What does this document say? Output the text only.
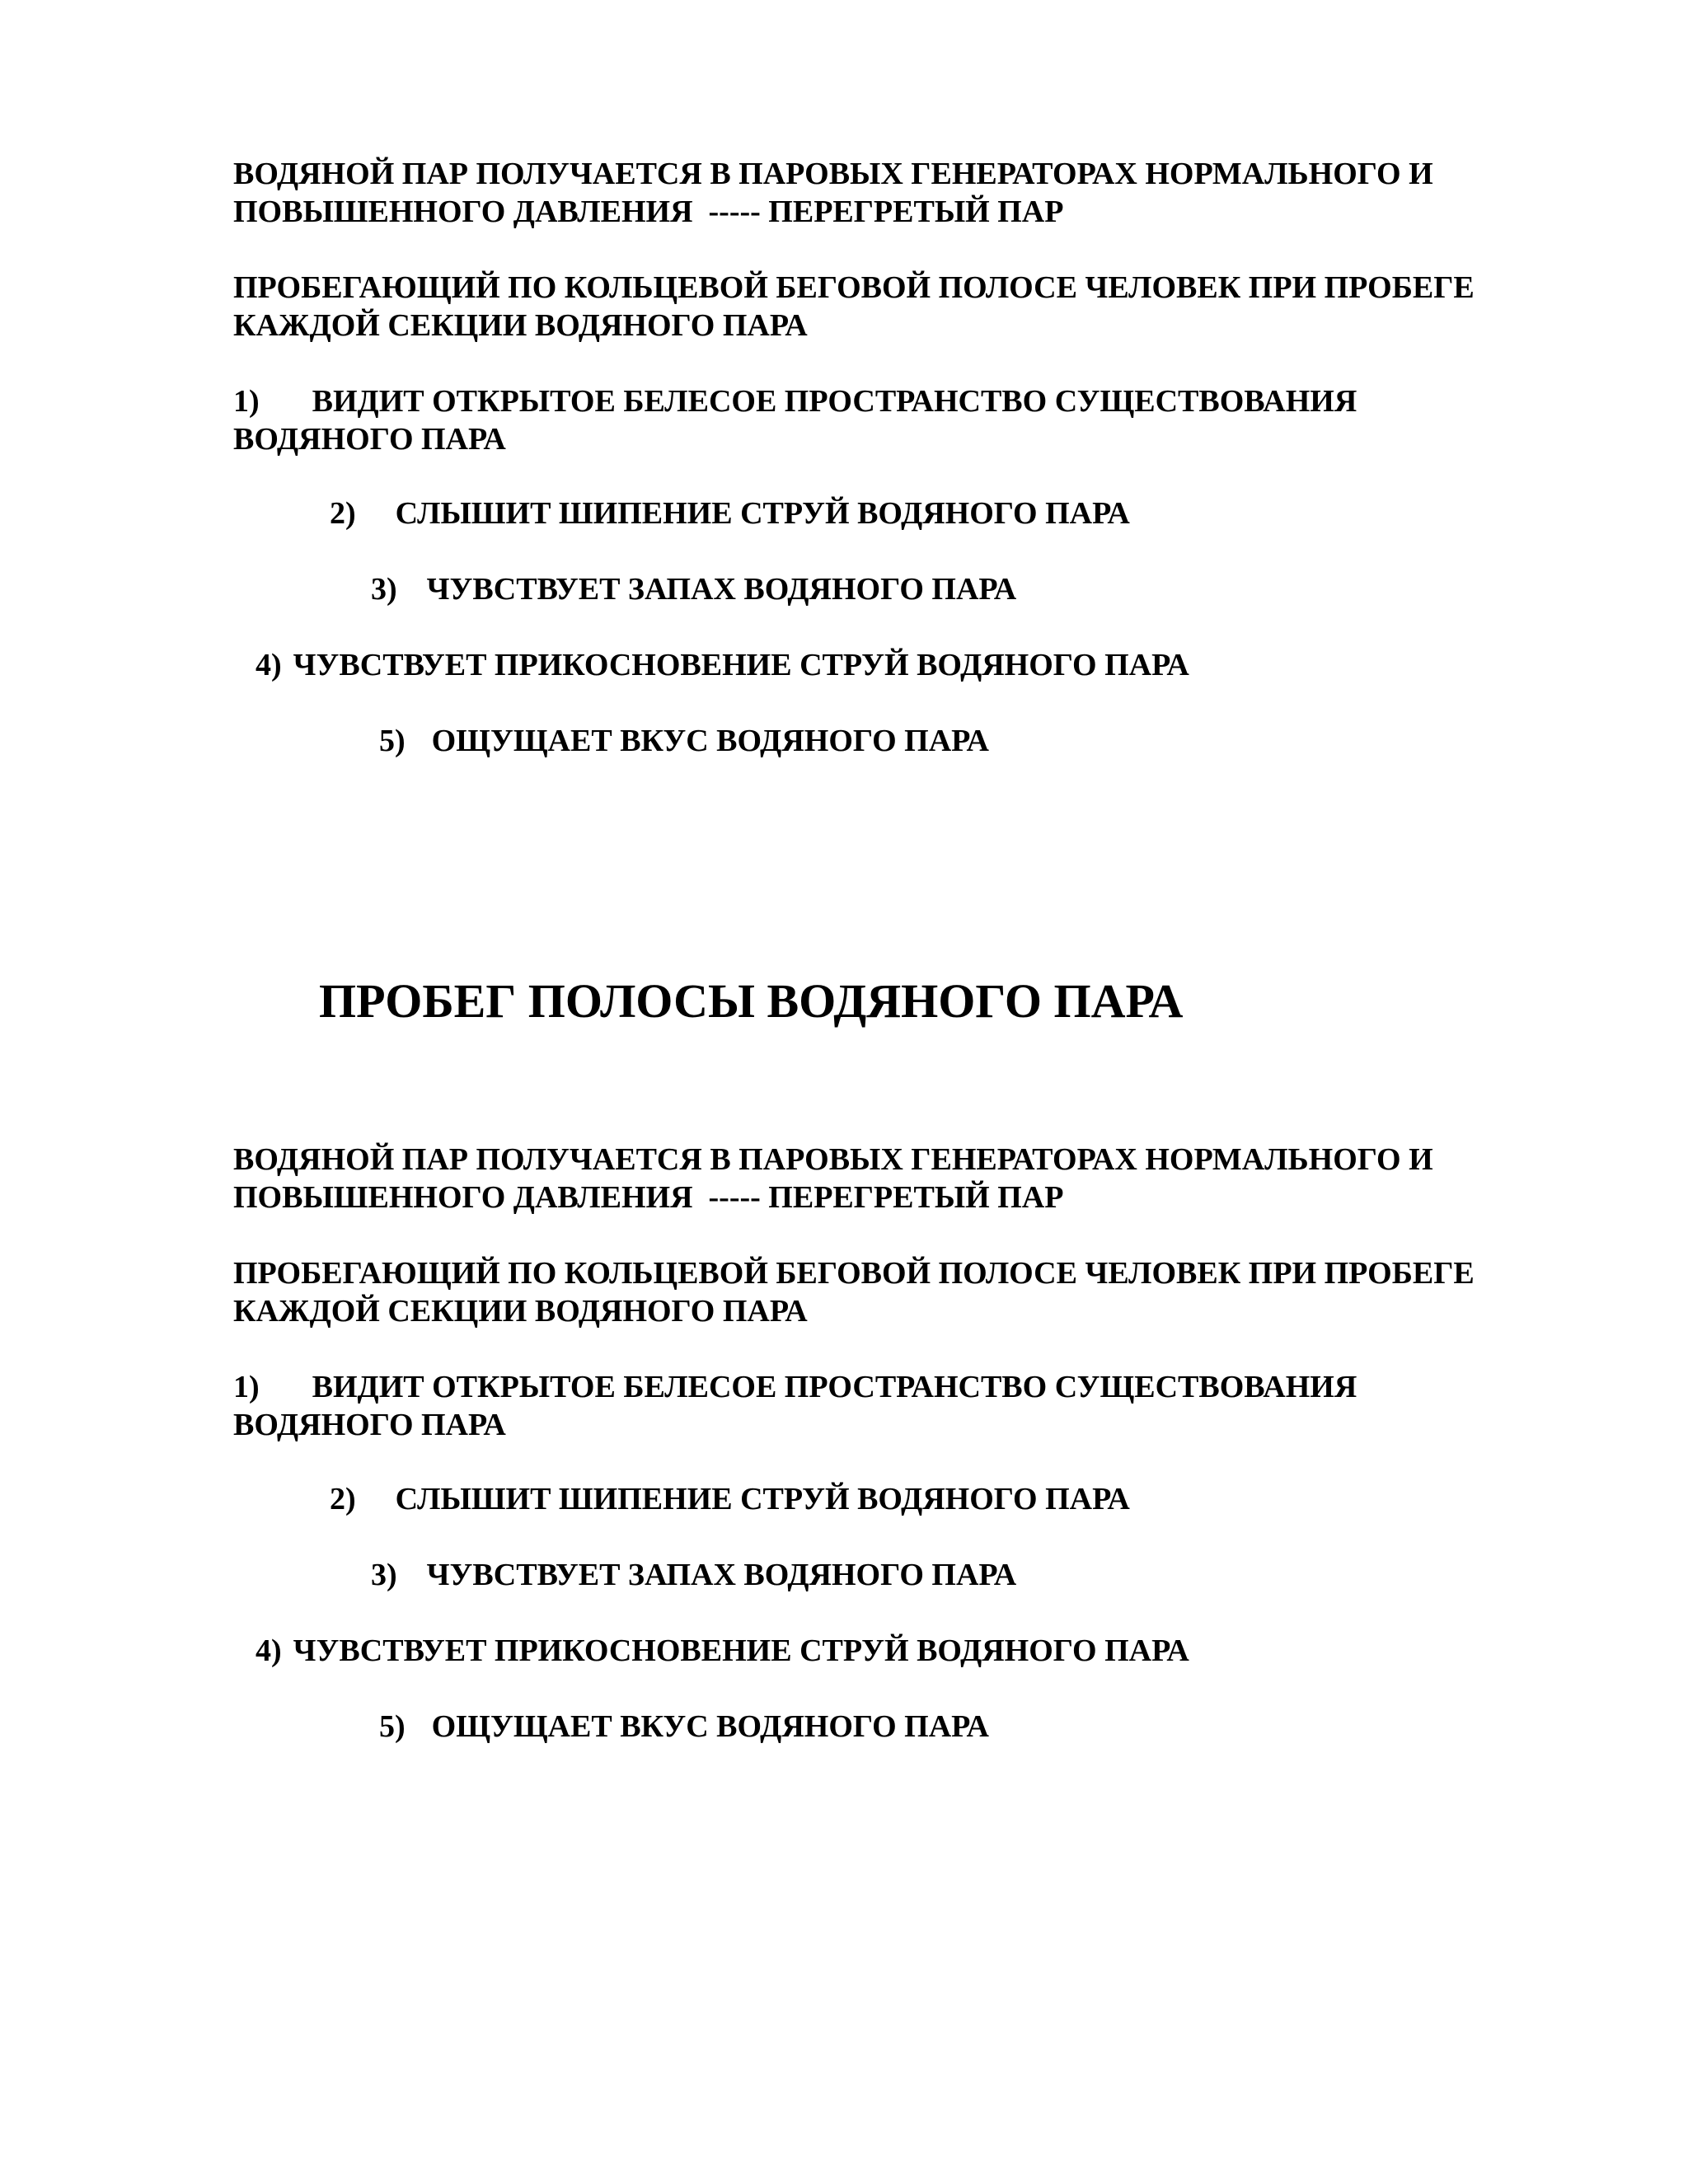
ВОДЯНОЙ ПАР ПОЛУЧАЕТСЯ В ПАРОВЫХ ГЕНЕРАТОРАХ НОРМАЛЬНОГО И
ПОВЫШЕННОГО ДАВЛЕНИЯ  ----- ПЕРЕГРЕТЫЙ ПАР
ПРОБЕГАЮЩИЙ ПО КОЛЬЦЕВОЙ БЕГОВОЙ ПОЛОСЕ ЧЕЛОВЕК ПРИ ПРОБЕГЕ
КАЖДОЙ СЕКЦИИ ВОДЯНОГО ПАРА
1) ВИДИТ ОТКРЫТОЕ БЕЛЕСОЕ ПРОСТРАНСТВО СУЩЕСТВОВАНИЯ
ВОДЯНОГО ПАРА
2) СЛЫШИТ ШИПЕНИЕ СТРУЙ ВОДЯНОГО ПАРА
3) ЧУВСТВУЕТ ЗАПАХ ВОДЯНОГО ПАРА
4) ЧУВСТВУЕТ ПРИКОСНОВЕНИЕ СТРУЙ ВОДЯНОГО ПАРА
5) ОЩУЩАЕТ ВКУС ВОДЯНОГО ПАРА
ПРОБЕГ ПОЛОСЫ ВОДЯНОГО ПАРА
ВОДЯНОЙ ПАР ПОЛУЧАЕТСЯ В ПАРОВЫХ ГЕНЕРАТОРАХ НОРМАЛЬНОГО И
ПОВЫШЕННОГО ДАВЛЕНИЯ  ----- ПЕРЕГРЕТЫЙ ПАР
ПРОБЕГАЮЩИЙ ПО КОЛЬЦЕВОЙ БЕГОВОЙ ПОЛОСЕ ЧЕЛОВЕК ПРИ ПРОБЕГЕ
КАЖДОЙ СЕКЦИИ ВОДЯНОГО ПАРА
1) ВИДИТ ОТКРЫТОЕ БЕЛЕСОЕ ПРОСТРАНСТВО СУЩЕСТВОВАНИЯ
ВОДЯНОГО ПАРА
2) СЛЫШИТ ШИПЕНИЕ СТРУЙ ВОДЯНОГО ПАРА
3) ЧУВСТВУЕТ ЗАПАХ ВОДЯНОГО ПАРА
4) ЧУВСТВУЕТ ПРИКОСНОВЕНИЕ СТРУЙ ВОДЯНОГО ПАРА
5) ОЩУЩАЕТ ВКУС ВОДЯНОГО ПАРА
